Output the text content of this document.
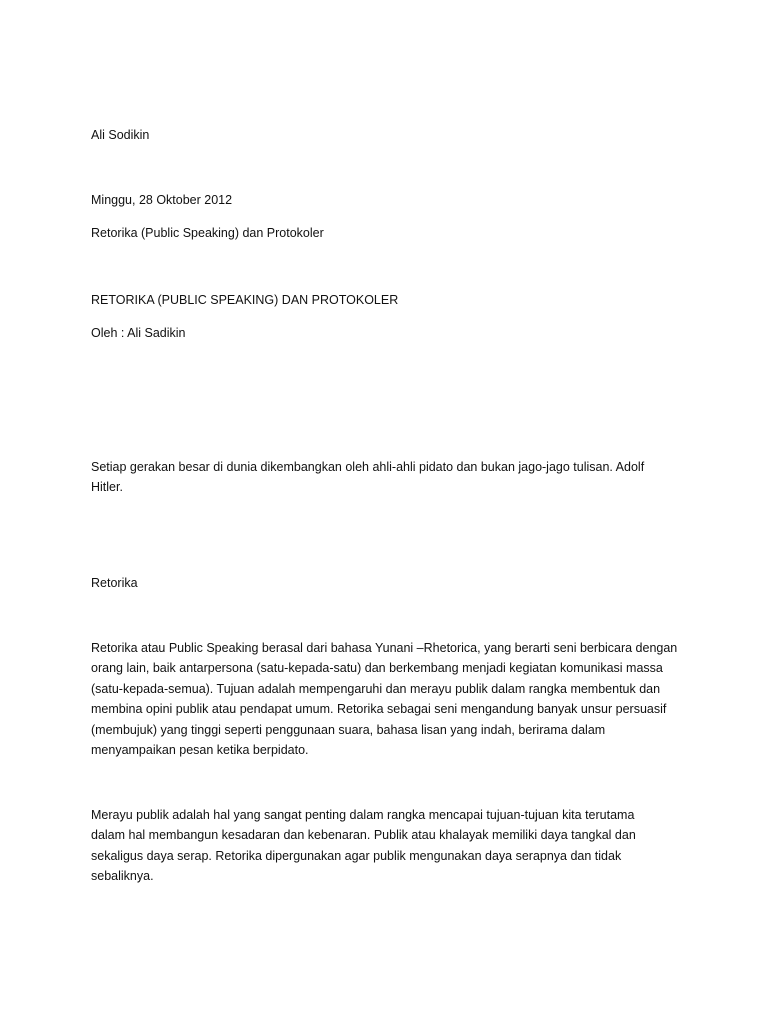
Ali Sodikin

Minggu, 28 Oktober 2012

Retorika (Public Speaking) dan Protokoler

RETORIKA (PUBLIC SPEAKING) DAN PROTOKOLER

Oleh : Ali Sadikin

Setiap gerakan besar di dunia dikembangkan oleh ahli-ahli pidato dan bukan jago-jago tulisan. Adolf
Hitler.

Retorika

Retorika atau Public Speaking berasal dari bahasa Yunani –Rhetorica, yang berarti seni berbicara dengan
orang lain, baik antarpersona (satu-kepada-satu) dan berkembang menjadi kegiatan komunikasi massa
(satu-kepada-semua). Tujuan adalah mempengaruhi dan merayu publik dalam rangka membentuk dan
membina opini publik atau pendapat umum. Retorika sebagai seni mengandung banyak unsur persuasif
(membujuk) yang tinggi seperti penggunaan suara, bahasa lisan yang indah, berirama dalam
menyampaikan pesan ketika berpidato.
Merayu publik adalah hal yang sangat penting dalam rangka mencapai tujuan-tujuan kita terutama
dalam hal membangun kesadaran dan kebenaran. Publik atau khalayak memiliki daya tangkal dan
sekaligus daya serap. Retorika dipergunakan agar publik mengunakan daya serapnya dan tidak
sebaliknya.
